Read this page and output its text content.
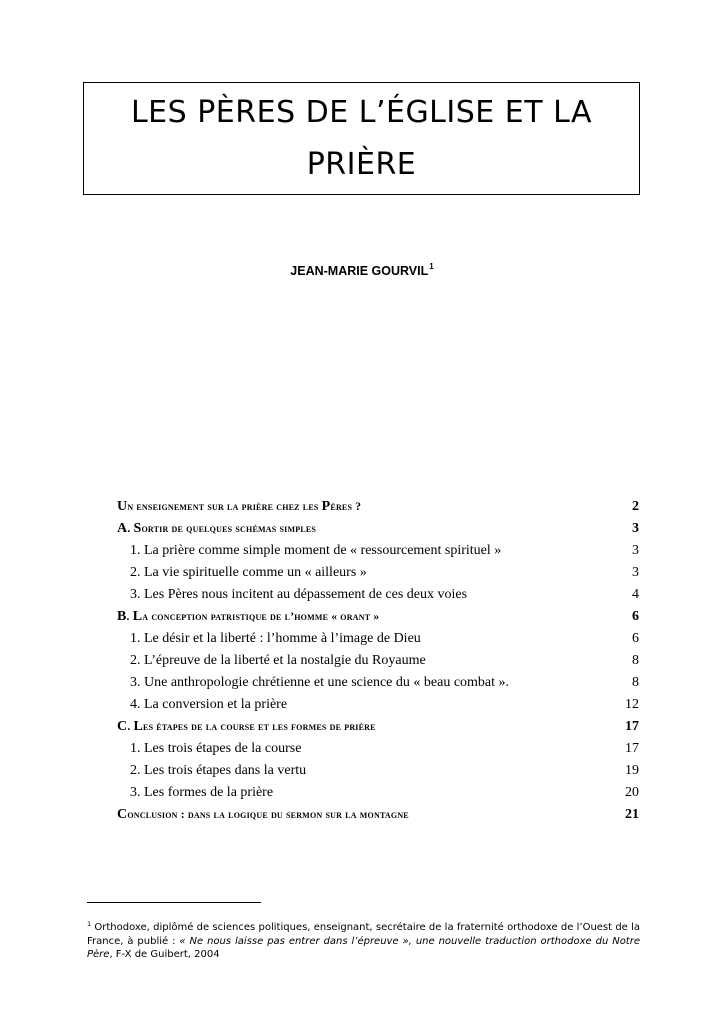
LES PÈRES DE L’ÉGLISE ET LA
PRIÈRE
JEAN-MARIE GOURVIL$^1$
Un enseignement sur la prière chez les Pères ?	2
A. Sortir de quelques schémas simples	3
1. La prière comme simple moment de « ressourcement spirituel »	3
2. La vie spirituelle comme un « ailleurs »	3
3. Les Pères nous incitent au dépassement de ces deux voies	4
B. La conception patristique de l’homme « orant »	6
1. Le désir et la liberté : l’homme à l’image de Dieu	6
2. L’épreuve de la liberté et la nostalgie du Royaume	8
3. Une anthropologie chrétienne et une science du « beau combat ».	8
4. La conversion et la prière	12
C. Les étapes de la course et les formes de prière	17
1. Les trois étapes de la course	17
2. Les trois étapes dans la vertu	19
3. Les formes de la prière	20
Conclusion : dans la logique du sermon sur la montagne	21
$^1$ Orthodoxe, diplômé de sciences politiques, enseignant, secrétaire de la fraternité orthodoxe de l’Ouest de la France, à publié : « Ne nous laisse pas entrer dans l’épreuve », une nouvelle traduction orthodoxe du Notre Père, F-X de Guibert, 2004
